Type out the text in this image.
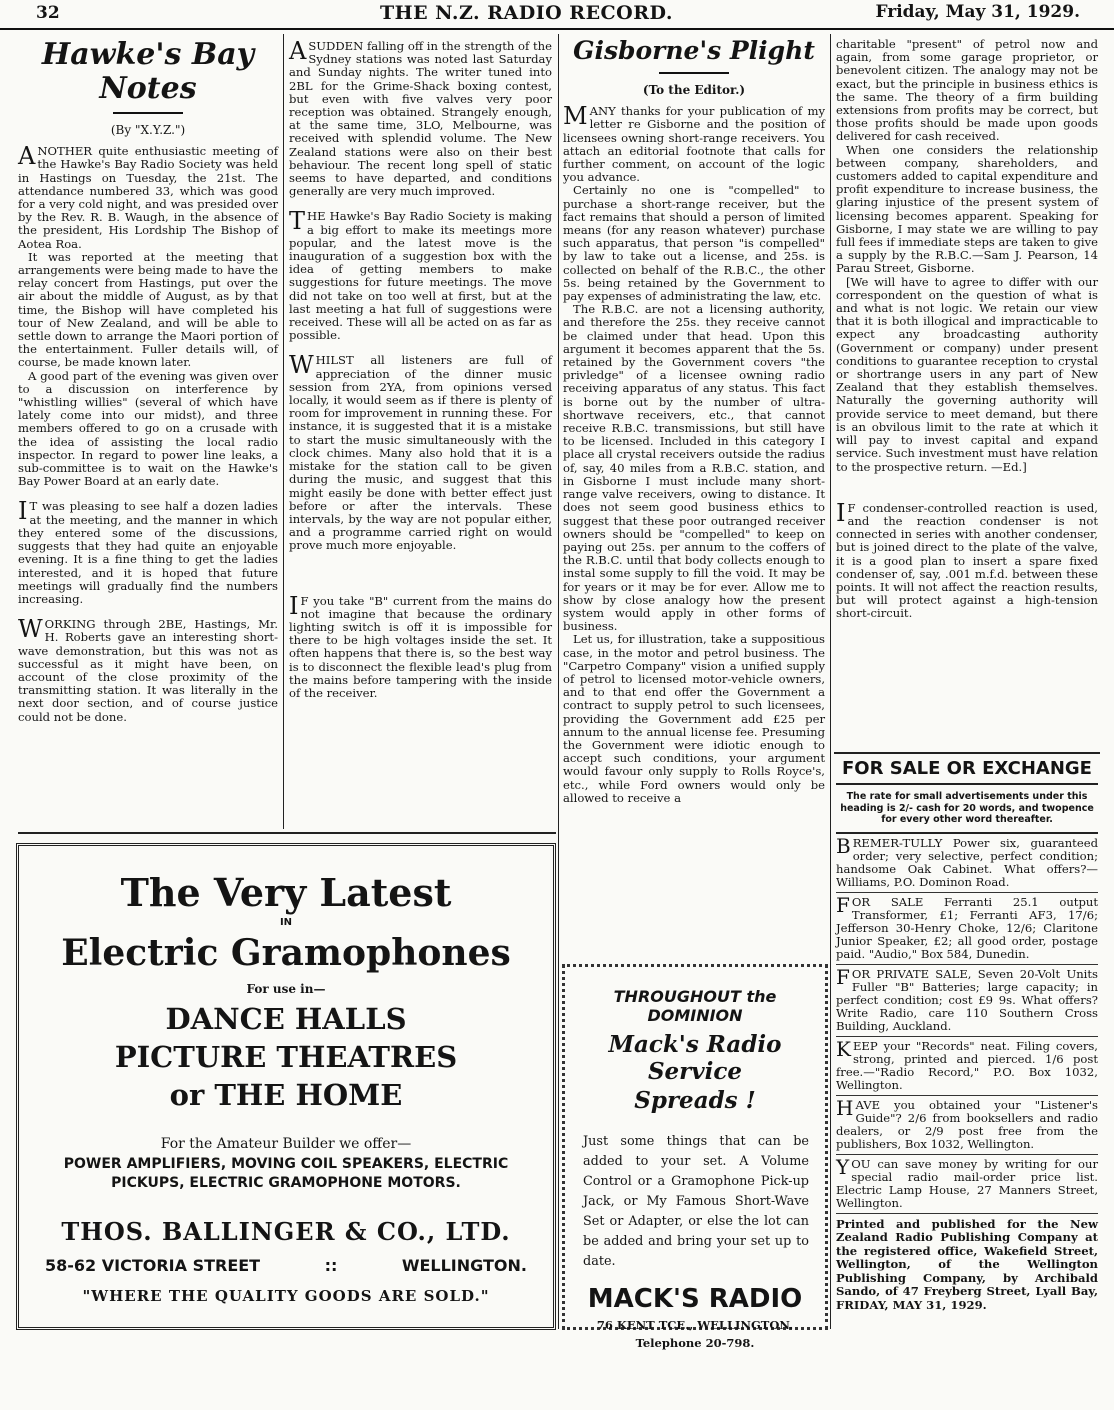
32	THE N.Z. RADIO RECORD.	Friday, May 31, 1929.
Hawke's Bay
Notes
(By "X.Y.Z.")

ANOTHER quite enthusiastic meeting of the Hawke's Bay Radio Society was held in Hastings on Tuesday, the 21st. The attendance numbered 33, which was good for a very cold night, and was presided over by the Rev. R. B. Waugh, in the absence of the president, His Lordship The Bishop of Aotea Roa.

It was reported at the meeting that arrangements were being made to have the relay concert from Hastings, put over the air about the middle of August, as by that time, the Bishop will have completed his tour of New Zealand, and will be able to settle down to arrange the Maori portion of the entertainment. Fuller details will, of course, be made known later.

A good part of the evening was given over to a discussion on interference by "whistling willies" (several of which have lately come into our midst), and three members offered to go on a crusade with the idea of assisting the local radio inspector. In regard to power line leaks, a sub-committee is to wait on the Hawke's Bay Power Board at an early date.

I T was pleasing to see half a dozen ladies at the meeting, and the manner in which they entered some of the discussions, suggests that they had quite an enjoyable evening. It is a fine thing to get the ladies interested, and it is hoped that future meetings will gradually find the numbers increasing.

WORKING through 2BE, Hastings, Mr. H. Roberts gave an interesting short-wave demonstration, but this was not as successful as it might have been, on account of the close proximity of the transmitting station. It was literally in the next door section, and of course justice could not be done.

ASUDDEN falling off in the strength of the Sydney stations was noted last Saturday and Sunday nights. The writer tuned into 2BL for the Grime-Shack boxing contest, but even with five valves very poor reception was obtained. Strangely enough, at the same time, 3LO, Melbourne, was received with splendid volume. The New Zealand stations were also on their best behaviour. The recent long spell of static seems to have departed, and conditions generally are very much improved.

THE Hawke's Bay Radio Society is making a big effort to make its meetings more popular, and the latest move is the inauguration of a suggestion box with the idea of getting members to make suggestions for future meetings. The move did not take on too well at first, but at the last meeting a hat full of suggestions were received. These will all be acted on as far as possible.

WHILST all listeners are full of appreciation of the dinner music session from 2YA, from opinions versed locally, it would seem as if there is plenty of room for improvement in running these. For instance, it is suggested that it is a mistake to start the music simultaneously with the clock chimes. Many also hold that it is a mistake for the station call to be given during the music, and suggest that this might easily be done with better effect just before or after the intervals. These intervals, by the way are not popular either, and a programme carried right on would prove much more enjoyable.

I F you take "B" current from the mains do not imagine that because the ordinary lighting switch is off it is impossible for there to be high voltages inside the set. It often happens that there is, so the best way is to disconnect the flexible lead's plug from the mains before tampering with the inside of the receiver.

Gisborne's Plight
(To the Editor.)

MANY thanks for your publication of my letter re Gisborne and the position of licensees owning short-range receivers. You attach an editorial footnote that calls for further comment, on account of the logic you advance.

Certainly no one is "compelled" to purchase a short-range receiver, but the fact remains that should a person of limited means (for any reason whatever) purchase such apparatus, that person "is compelled" by law to take out a license, and 25s. is collected on behalf of the R.B.C., the other 5s. being retained by the Government to pay expenses of administrating the law, etc.

The R.B.C. are not a licensing authority, and therefore the 25s. they receive cannot be claimed under that head. Upon this argument it becomes apparent that the 5s. retained by the Government covers "the privledge" of a licensee owning radio receiving apparatus of any status. This fact is borne out by the number of ultra-shortwave receivers, etc., that cannot receive R.B.C. transmissions, but still have to be licensed. Included in this category I place all crystal receivers outside the radius of, say, 40 miles from a R.B.C. station, and in Gisborne I must include many short-range valve receivers, owing to distance. It does not seem good business ethics to suggest that these poor outranged receiver owners should be "compelled" to keep on paying out 25s. per annum to the coffers of the R.B.C. until that body collects enough to instal some supply to fill the void. It may be for years or it may be for ever. Allow me to show by close analogy how the present system would apply in other forms of business.

Let us, for illustration, take a suppositious case, in the motor and petrol business. The "Carpetro Company" vision a unified supply of petrol to licensed motor-vehicle owners, and to that end offer the Government a contract to supply petrol to such licensees, providing the Government add £25 per annum to the annual license fee. Presuming the Government were idiotic enough to accept such conditions, your argument would favour only supply to Rolls Royce's, etc., while Ford owners would only be allowed to receive a

charitable "present" of petrol now and again, from some garage proprietor, or benevolent citizen. The analogy may not be exact, but the principle in business ethics is the same. The theory of a firm building extensions from profits may be correct, but those profits should be made upon goods delivered for cash received.

When one considers the relationship between company, shareholders, and customers added to capital expenditure and profit expenditure to increase business, the glaring injustice of the present system of licensing becomes apparent. Speaking for Gisborne, I may state we are willing to pay full fees if immediate steps are taken to give a supply by the R.B.C.—Sam J. Pearson, 14 Parau Street, Gisborne.

[We will have to agree to differ with our correspondent on the question of what is and what is not logic. We retain our view that it is both illogical and impracticable to expect any broadcasting authority (Government or company) under present conditions to guarantee reception to crystal or shortrange users in any part of New Zealand that they establish themselves. Naturally the governing authority will provide service to meet demand, but there is an obvilous limit to the rate at which it will pay to invest capital and expand service. Such investment must have relation to the prospective return. —Ed.]

I F condenser-controlled reaction is used, and the reaction condenser is not connected in series with another condenser, but is joined direct to the plate of the valve, it is a good plan to insert a spare fixed condenser of, say, .001 m.f.d. between these points. It will not affect the reaction results, but will protect against a high-tension short-circuit.

FOR SALE OR EXCHANGE
The rate for small advertisements under this heading is 2/- cash for 20 words, and twopence for every other word thereafter.

BREMER-TULLY Power six, guaranteed order; very selective, perfect condition; handsome Oak Cabinet. What offers?—Williams, P.O. Dominon Road.

FOR SALE Ferranti 25.1 output Transformer, £1; Ferranti AF3, 17/6; Jefferson 30-Henry Choke, 12/6; Claritone Junior Speaker, £2; all good order, postage paid. "Audio," Box 584, Dunedin.

FOR PRIVATE SALE, Seven 20-Volt Units Fuller "B" Batteries; large capacity; in perfect condition; cost £9 9s. What offers? Write Radio, care 110 Southern Cross Building, Auckland.

KEEP your "Records" neat. Filing covers, strong, printed and pierced. 1/6 post free.—"Radio Record," P.O. Box 1032, Wellington.

HAVE you obtained your "Listener's Guide"? 2/6 from booksellers and radio dealers, or 2/9 post free from the publishers, Box 1032, Wellington.

YOU can save money by writing for our special radio mail-order price list. Electric Lamp House, 27 Manners Street, Wellington.

Printed and published for the New Zealand Radio Publishing Company at the registered office, Wakefield Street, Wellington, of the Wellington Publishing Company, by Archibald Sando, of 47 Freyberg Street, Lyall Bay, FRIDAY, MAY 31, 1929.
The Very Latest
IN
Electric Gramophones
For use in—
DANCE HALLS
PICTURE THEATRES
or THE HOME
For the Amateur Builder we offer—
POWER AMPLIFIERS, MOVING COIL SPEAKERS, ELECTRIC
PICKUPS, ELECTRIC GRAMOPHONE MOTORS.
THOS. BALLINGER & CO., LTD.
58-62 VICTORIA STREET	::	WELLINGTON.
"WHERE THE QUALITY GOODS ARE SOLD."
THROUGHOUT the DOMINION
Mack's Radio Service
Spreads !
Just some things that can be added to your set. A Volume Control or a Gramophone Pick-up Jack, or My Famous Short-Wave Set or Adapter, or else the lot can be added and bring your set up to date.
MACK'S RADIO
76 KENT TCE., WELLINGTON.
Telephone 20-798.
